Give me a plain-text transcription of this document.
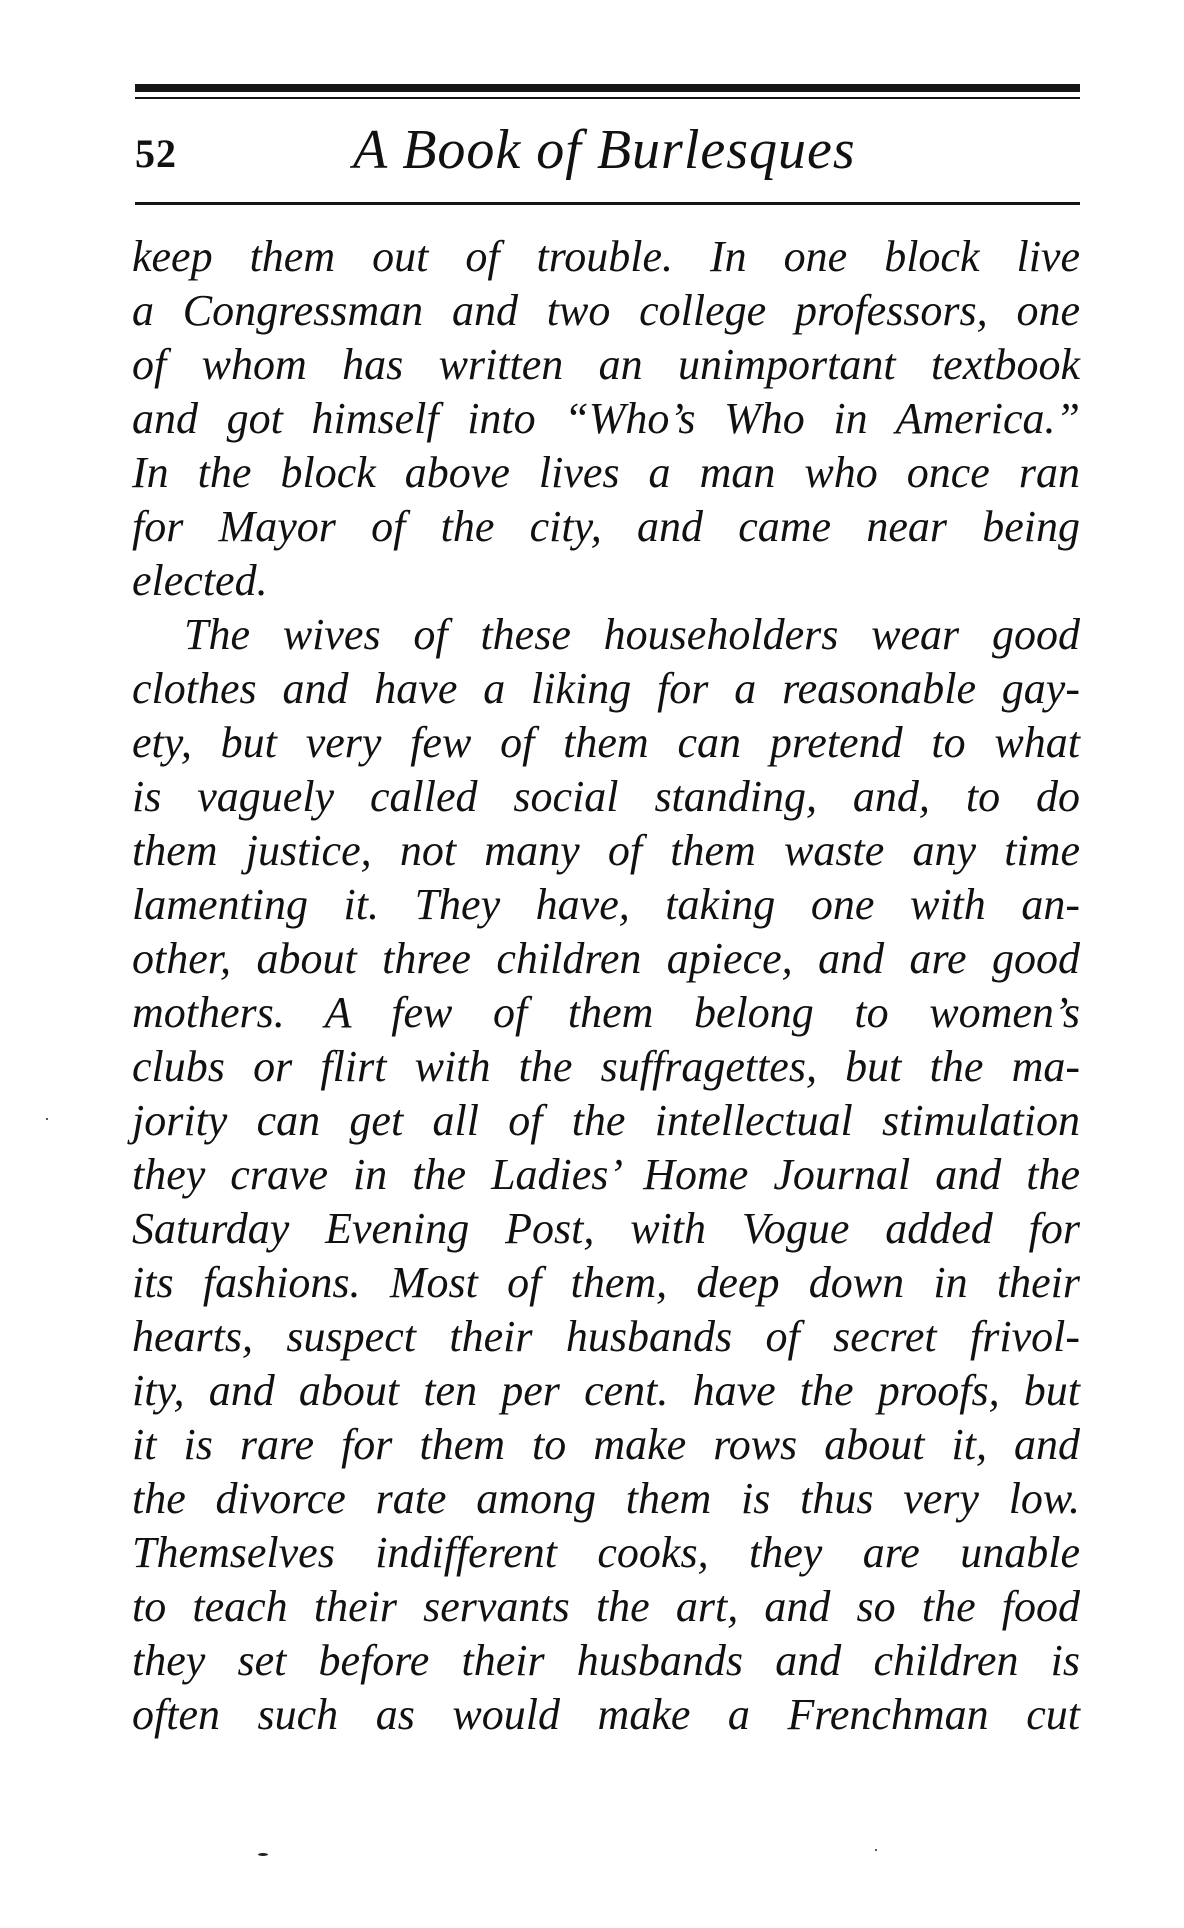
52	A Book of Burlesques
keep them out of trouble. In one block live
a Congressman and two college professors, one
of whom has written an unimportant textbook
and got himself into “Who’s Who in America.”
In the block above lives a man who once ran
for Mayor of the city, and came near being
elected.
The wives of these householders wear good
clothes and have a liking for a reasonable gay-
ety, but very few of them can pretend to what
is vaguely called social standing, and, to do
them justice, not many of them waste any time
lamenting it. They have, taking one with an-
other, about three children apiece, and are good
mothers. A few of them belong to women’s
clubs or flirt with the suffragettes, but the ma-
jority can get all of the intellectual stimulation
they crave in the Ladies’ Home Journal and the
Saturday Evening Post, with Vogue added for
its fashions. Most of them, deep down in their
hearts, suspect their husbands of secret frivol-
ity, and about ten per cent. have the proofs, but
it is rare for them to make rows about it, and
the divorce rate among them is thus very low.
Themselves indifferent cooks, they are unable
to teach their servants the art, and so the food
they set before their husbands and children is
often such as would make a Frenchman cut
